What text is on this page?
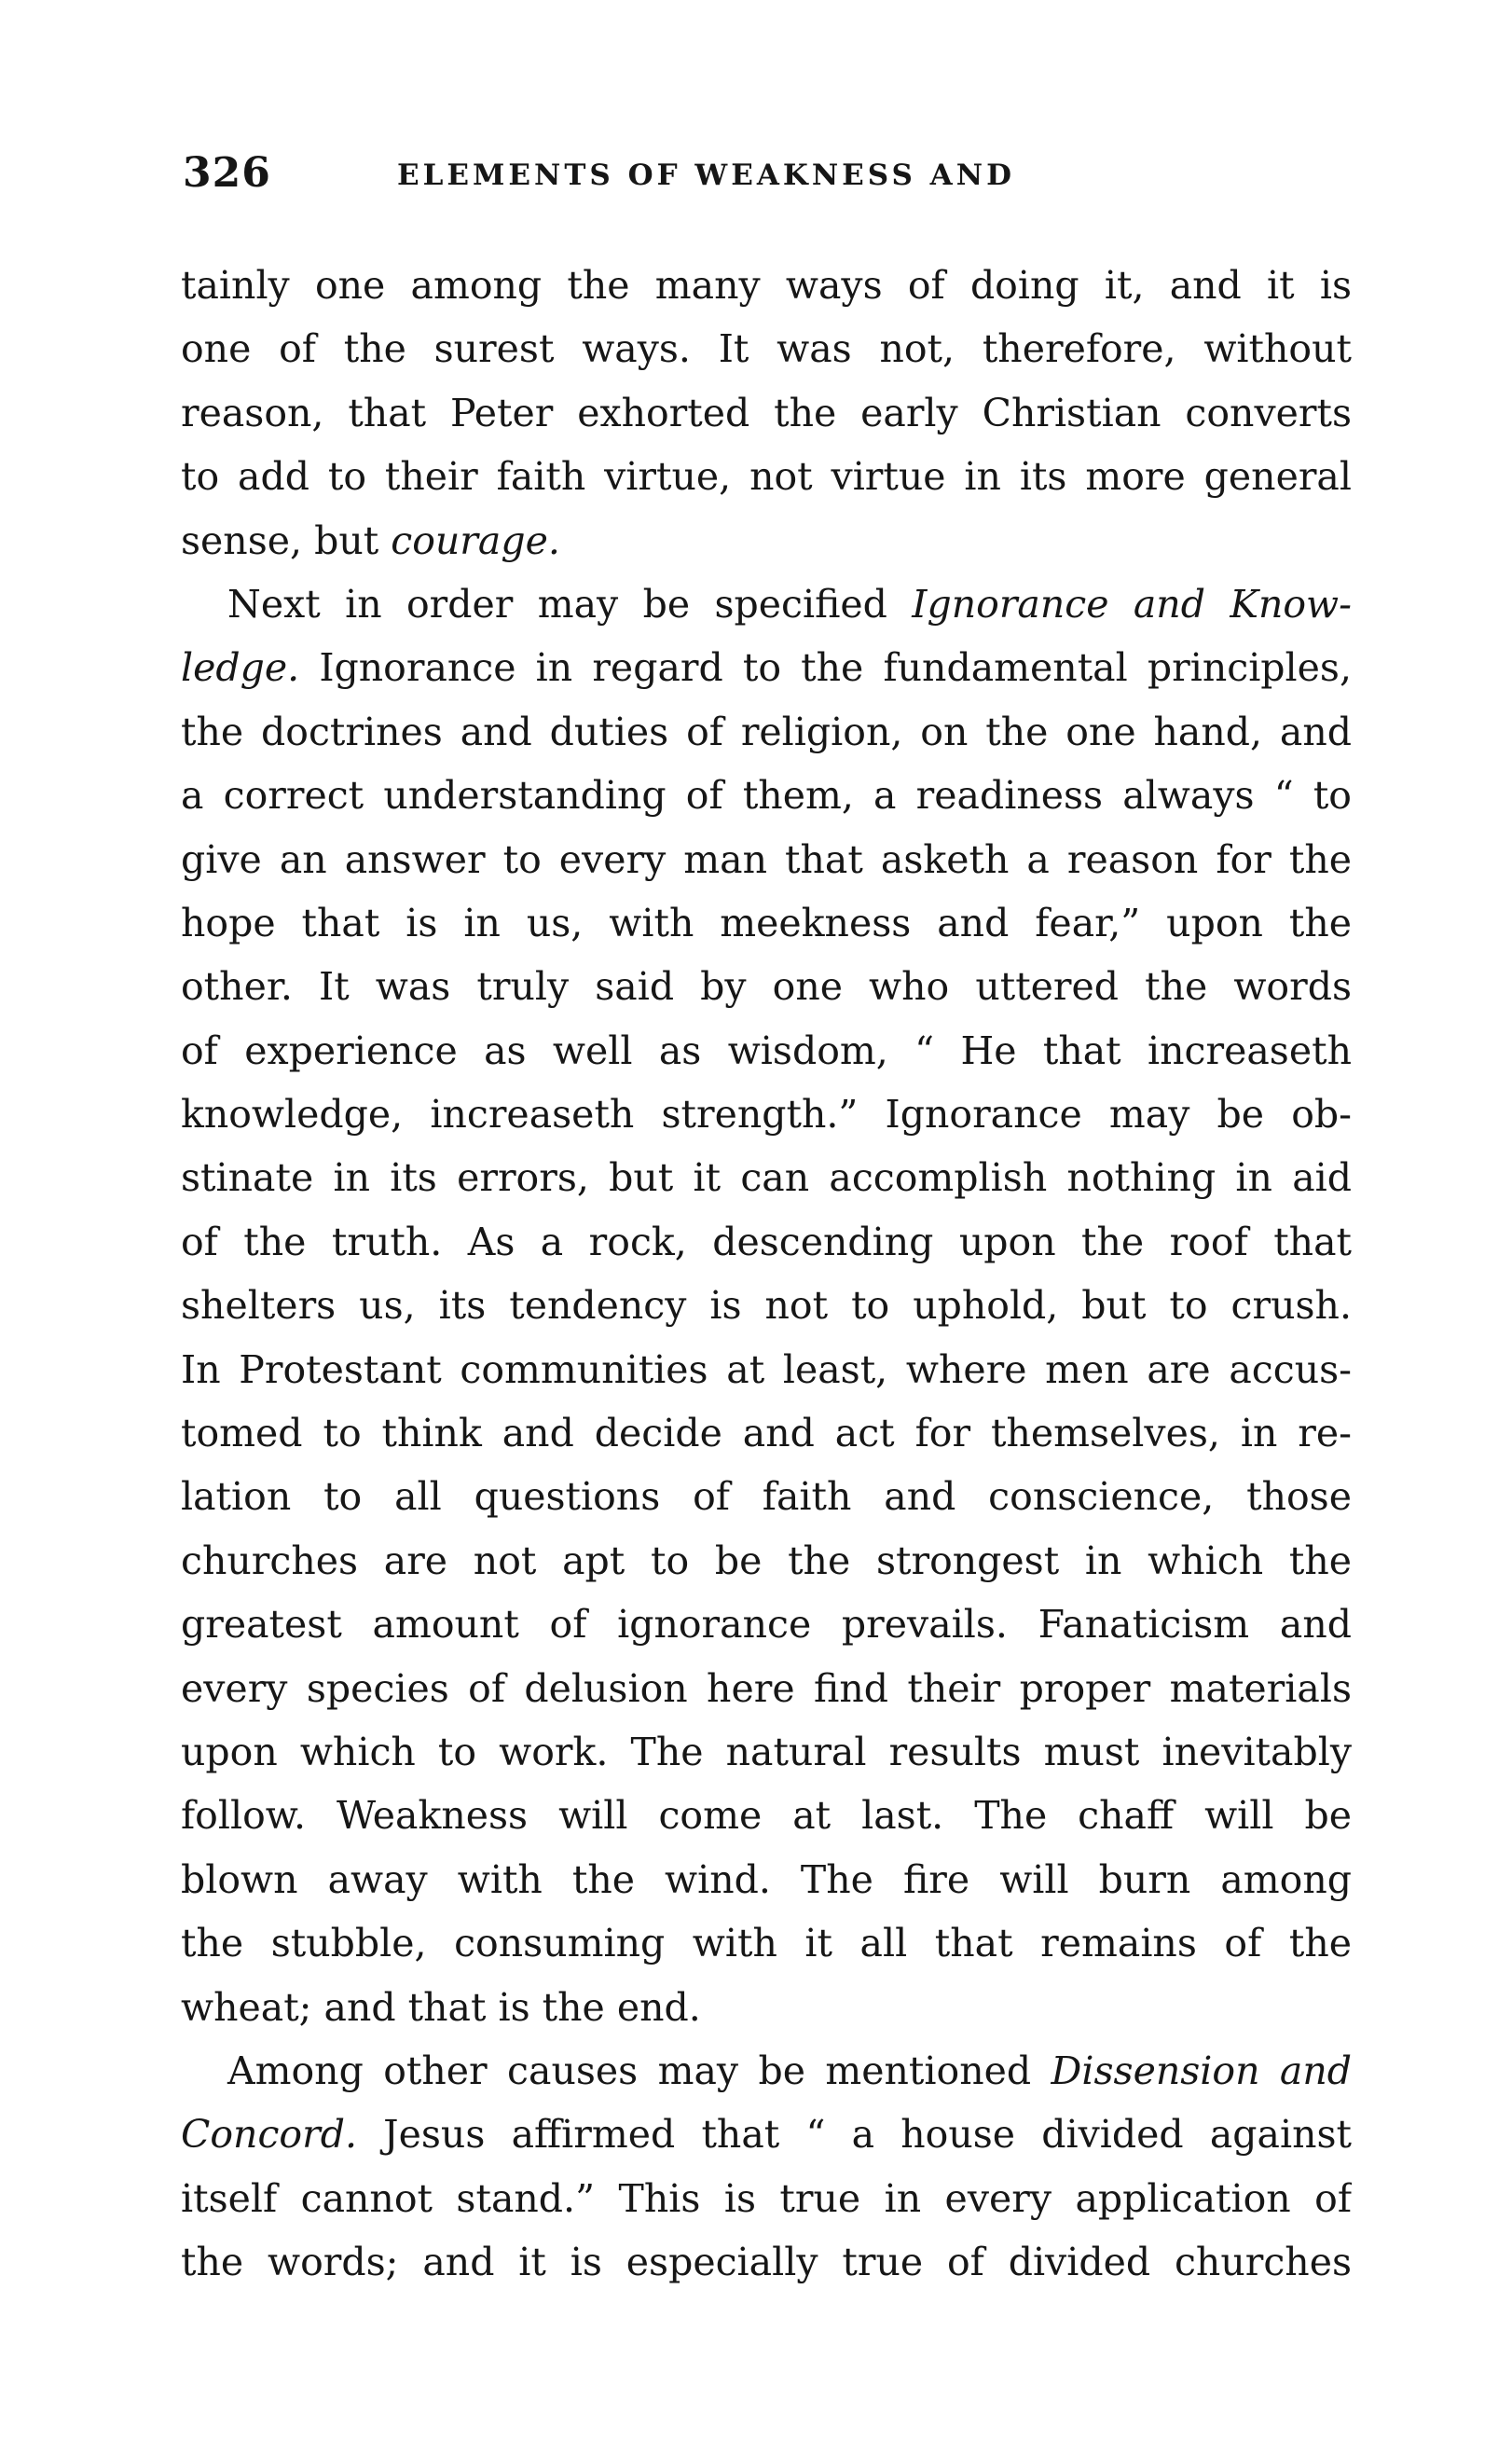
326	ELEMENTS OF WEAKNESS AND
tainly one among the many ways of doing it, and it is
one of the surest ways. It was not, therefore, without
reason, that Peter exhorted the early Christian converts
to add to their faith virtue, not virtue in its more general
sense, but courage.
Next in order may be specified Ignorance and Know-
ledge. Ignorance in regard to the fundamental principles,
the doctrines and duties of religion, on the one hand, and
a correct understanding of them, a readiness always “ to
give an answer to every man that asketh a reason for the
hope that is in us, with meekness and fear,” upon the
other. It was truly said by one who uttered the words
of experience as well as wisdom, “ He that increaseth
knowledge, increaseth strength.” Ignorance may be ob-
stinate in its errors, but it can accomplish nothing in aid
of the truth. As a rock, descending upon the roof that
shelters us, its tendency is not to uphold, but to crush.
In Protestant communities at least, where men are accus-
tomed to think and decide and act for themselves, in re-
lation to all questions of faith and conscience, those
churches are not apt to be the strongest in which the
greatest amount of ignorance prevails. Fanaticism and
every species of delusion here find their proper materials
upon which to work. The natural results must inevitably
follow. Weakness will come at last. The chaff will be
blown away with the wind. The fire will burn among
the stubble, consuming with it all that remains of the
wheat; and that is the end.
Among other causes may be mentioned Dissension and
Concord. Jesus affirmed that “ a house divided against
itself cannot stand.” This is true in every application of
the words; and it is especially true of divided churches
